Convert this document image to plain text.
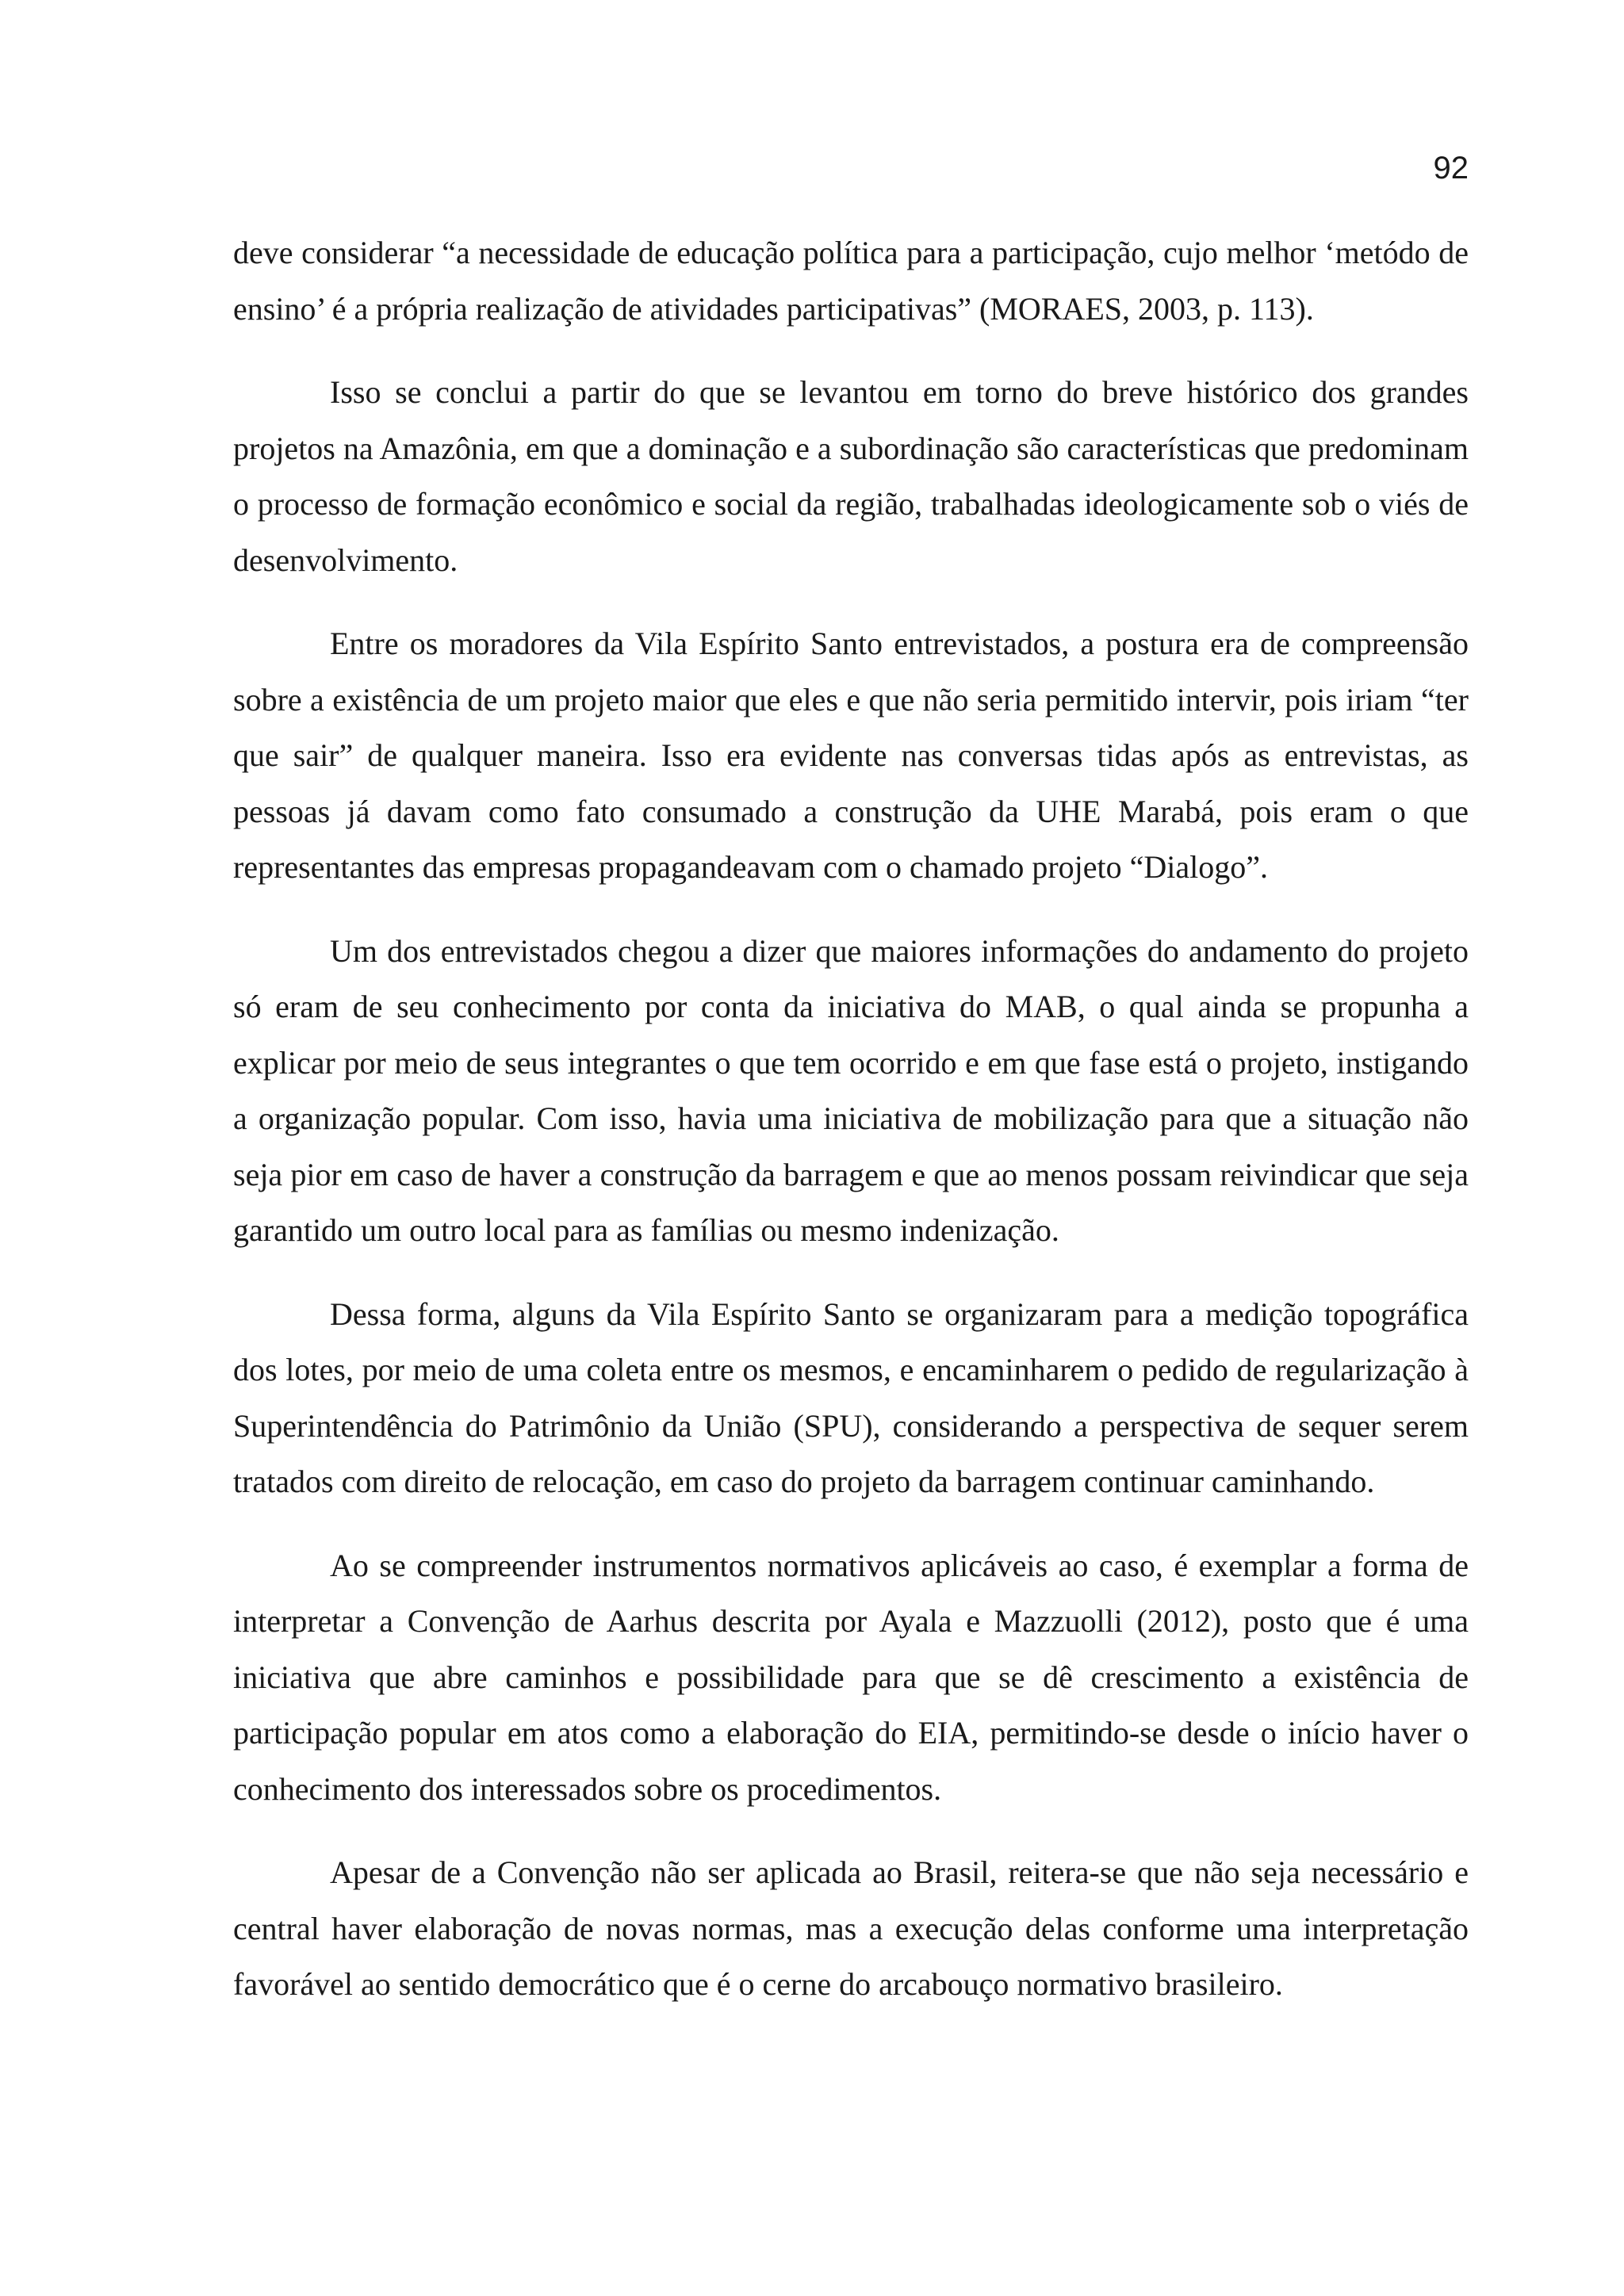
92

deve considerar “a necessidade de educação política para a participação, cujo melhor ‘metódo de ensino’ é a própria realização de atividades participativas” (MORAES, 2003, p. 113).

Isso se conclui a partir do que se levantou em torno do breve histórico dos grandes projetos na Amazônia, em que a dominação e a subordinação são características que predominam o processo de formação econômico e social da região, trabalhadas ideologicamente sob o viés de desenvolvimento.

Entre os moradores da Vila Espírito Santo entrevistados, a postura era de compreensão sobre a existência de um projeto maior que eles e que não seria permitido intervir, pois iriam “ter que sair” de qualquer maneira. Isso era evidente nas conversas tidas após as entrevistas, as pessoas já davam como fato consumado a construção da UHE Marabá, pois eram o que representantes das empresas propagandeavam com o chamado projeto “Dialogo”.

Um dos entrevistados chegou a dizer que maiores informações do andamento do projeto só eram de seu conhecimento por conta da iniciativa do MAB, o qual ainda se propunha a explicar por meio de seus integrantes o que tem ocorrido e em que fase está o projeto, instigando a organização popular. Com isso, havia uma iniciativa de mobilização para que a situação não seja pior em caso de haver a construção da barragem e que ao menos possam reivindicar que seja garantido um outro local para as famílias ou mesmo indenização.

Dessa forma, alguns da Vila Espírito Santo se organizaram para a medição topográfica dos lotes, por meio de uma coleta entre os mesmos, e encaminharem o pedido de regularização à Superintendência do Patrimônio da União (SPU), considerando a perspectiva de sequer serem tratados com direito de relocação, em caso do projeto da barragem continuar caminhando.

Ao se compreender instrumentos normativos aplicáveis ao caso, é exemplar a forma de interpretar a Convenção de Aarhus descrita por Ayala e Mazzuolli (2012), posto que é uma iniciativa que abre caminhos e possibilidade para que se dê crescimento a existência de participação popular em atos como a elaboração do EIA, permitindo-se desde o início haver o conhecimento dos interessados sobre os procedimentos.

Apesar de a Convenção não ser aplicada ao Brasil, reitera-se que não seja necessário e central haver elaboração de novas normas, mas a execução delas conforme uma interpretação favorável ao sentido democrático que é o cerne do arcabouço normativo brasileiro.
